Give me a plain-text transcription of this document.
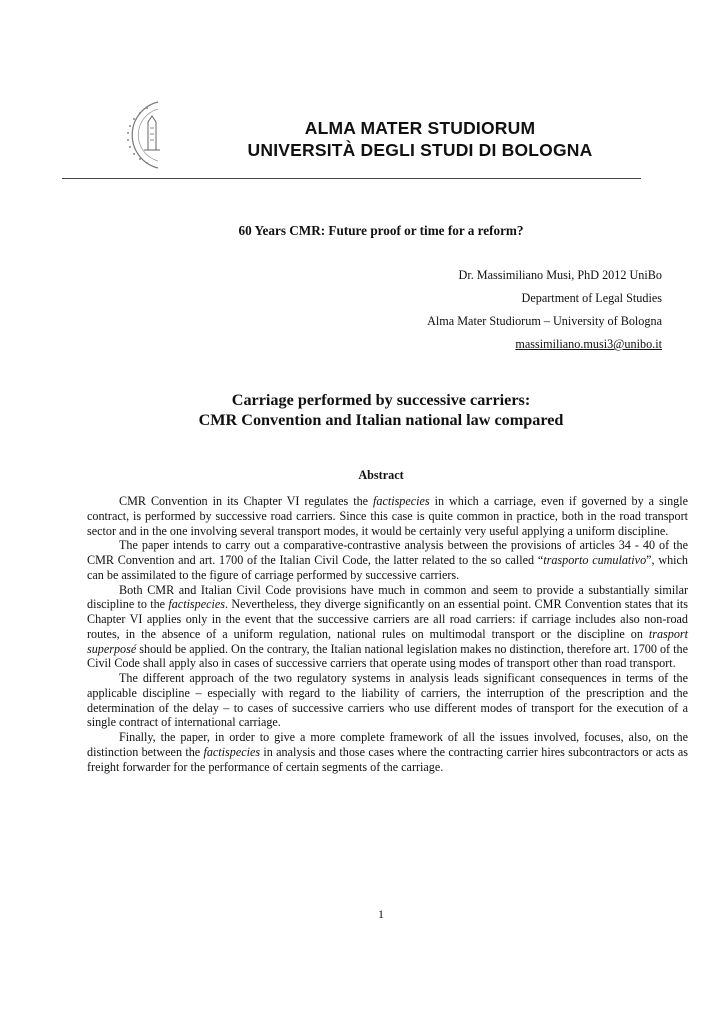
ALMA MATER STUDIORUM
UNIVERSITÀ DEGLI STUDI DI BOLOGNA
60 Years CMR: Future proof or time for a reform?
Dr. Massimiliano Musi, PhD 2012 UniBo
Department of Legal Studies
Alma Mater Studiorum – University of Bologna
massimiliano.musi3@unibo.it
Carriage performed by successive carriers:
CMR Convention and Italian national law compared
Abstract

CMR Convention in its Chapter VI regulates the factispecies in which a carriage, even if governed by a single contract, is performed by successive road carriers. Since this case is quite common in practice, both in the road transport sector and in the one involving several transport modes, it would be certainly very useful applying a uniform discipline.

The paper intends to carry out a comparative-contrastive analysis between the provisions of articles 34 - 40 of the CMR Convention and art. 1700 of the Italian Civil Code, the latter related to the so called “trasporto cumulativo”, which can be assimilated to the figure of carriage performed by successive carriers.

Both CMR and Italian Civil Code provisions have much in common and seem to provide a substantially similar discipline to the factispecies. Nevertheless, they diverge significantly on an essential point. CMR Convention states that its Chapter VI applies only in the event that the successive carriers are all road carriers: if carriage includes also non-road routes, in the absence of a uniform regulation, national rules on multimodal transport or the discipline on trasport superposé should be applied. On the contrary, the Italian national legislation makes no distinction, therefore art. 1700 of the Civil Code shall apply also in cases of successive carriers that operate using modes of transport other than road transport.

The different approach of the two regulatory systems in analysis leads significant consequences in terms of the applicable discipline – especially with regard to the liability of carriers, the interruption of the prescription and the determination of the delay – to cases of successive carriers who use different modes of transport for the execution of a single contract of international carriage.

Finally, the paper, in order to give a more complete framework of all the issues involved, focuses, also, on the distinction between the factispecies in analysis and those cases where the contracting carrier hires subcontractors or acts as freight forwarder for the performance of certain segments of the carriage.

1
